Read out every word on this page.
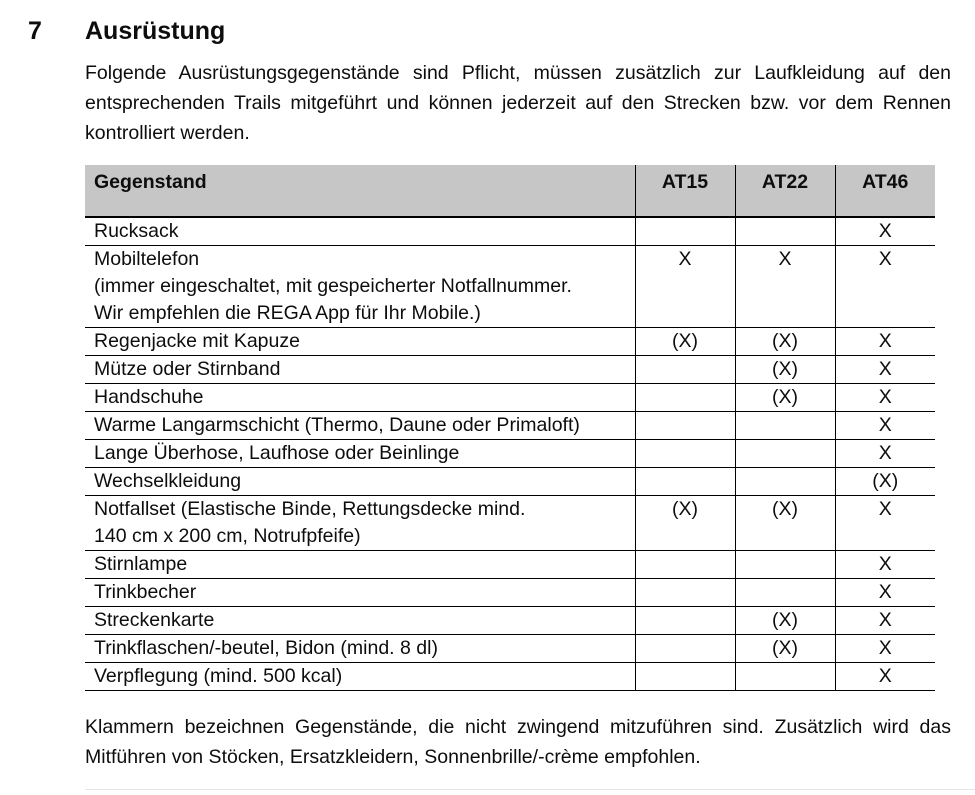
7	Ausrüstung
Folgende Ausrüstungsgegenstände sind Pflicht, müssen zusätzlich zur Laufkleidung auf den
entsprechenden Trails mitgeführt und können jederzeit auf den Strecken bzw. vor dem Rennen
kontrolliert werden.
Gegenstand	AT15	AT22	AT46

Rucksack			X

Mobiltelefon
(immer eingeschaltet, mit gespeicherter Notfallnummer.
Wir empfehlen die REGA App für Ihr Mobile.)	X	X	X

Regenjacke mit Kapuze	(X)	(X)	X

Mütze oder Stirnband		(X)	X

Handschuhe		(X)	X

Warme Langarmschicht (Thermo, Daune oder Primaloft)			X

Lange Überhose, Laufhose oder Beinlinge			X

Wechselkleidung			(X)

Notfallset (Elastische Binde, Rettungsdecke mind.
140 cm x 200 cm, Notrufpfeife)	(X)	(X)	X

Stirnlampe			X

Trinkbecher			X

Streckenkarte		(X)	X

Trinkflaschen/-beutel, Bidon (mind. 8 dl)		(X)	X

Verpflegung (mind. 500 kcal)			X
Klammern bezeichnen Gegenstände, die nicht zwingend mitzuführen sind. Zusätzlich wird das
Mitführen von Stöcken, Ersatzkleidern, Sonnenbrille/-crème empfohlen.
